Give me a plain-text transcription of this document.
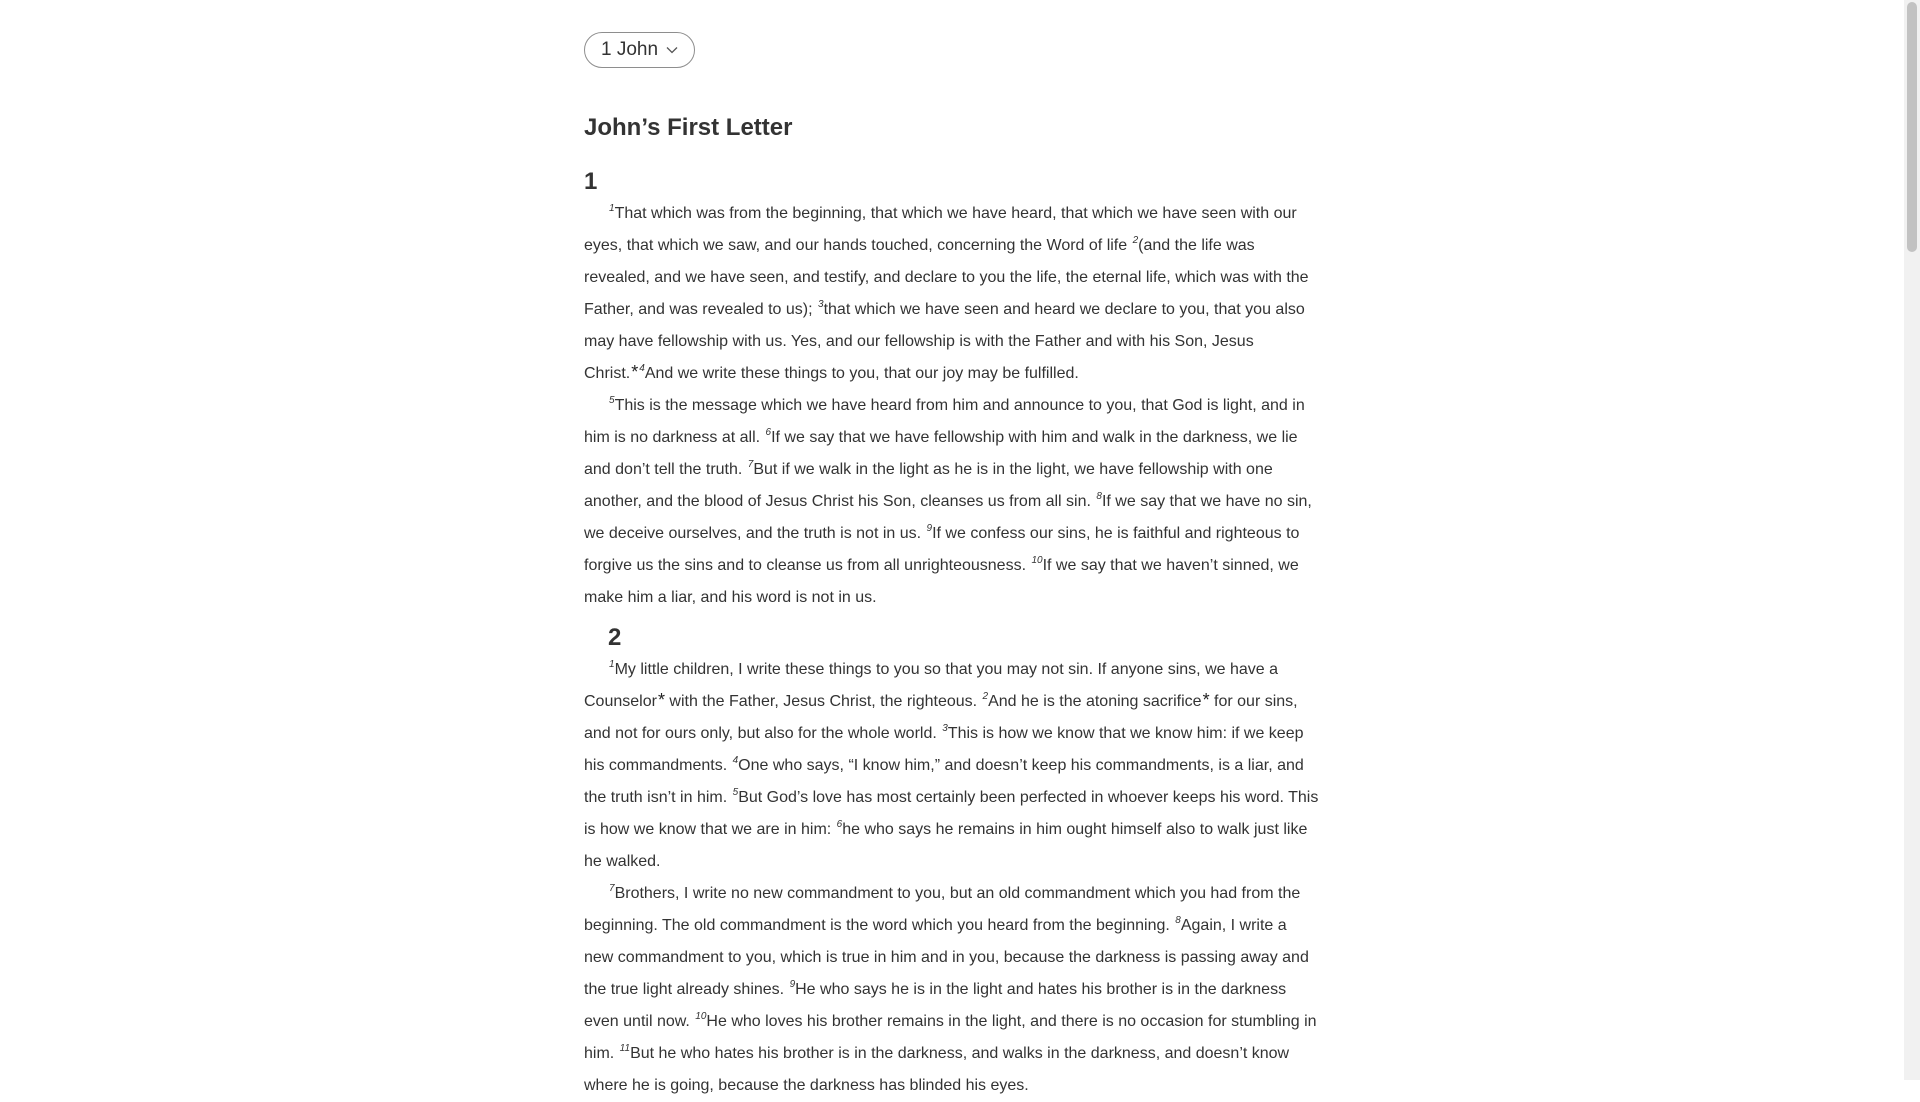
1 John
John’s First Letter
1

$^1$That which was from the beginning, that which we have heard, that which we have seen with our eyes, that which we saw, and our hands touched, concerning the Word of life $^2$(and the life was revealed, and we have seen, and testify, and declare to you the life, the eternal life, which was with the Father, and was revealed to us); $^3$that which we have seen and heard we declare to you, that you also may have fellowship with us. Yes, and our fellowship is with the Father and with his Son, Jesus Christ.*$^4$And we write these things to you, that our joy may be fulfilled.

$^5$This is the message which we have heard from him and announce to you, that God is light, and in him is no darkness at all. $^6$If we say that we have fellowship with him and walk in the darkness, we lie and don’t tell the truth. $^7$But if we walk in the light as he is in the light, we have fellowship with one another, and the blood of Jesus Christ his Son, cleanses us from all sin. $^8$If we say that we have no sin, we deceive ourselves, and the truth is not in us. $^9$If we confess our sins, he is faithful and righteous to forgive us the sins and to cleanse us from all unrighteousness. $^{10}$If we say that we haven’t sinned, we make him a liar, and his word is not in us.

2

$^1$My little children, I write these things to you so that you may not sin. If anyone sins, we have a Counselor* with the Father, Jesus Christ, the righteous. $^2$And he is the atoning sacrifice* for our sins, and not for ours only, but also for the whole world. $^3$This is how we know that we know him: if we keep his commandments. $^4$One who says, “I know him,” and doesn’t keep his commandments, is a liar, and the truth isn’t in him. $^5$But God’s love has most certainly been perfected in whoever keeps his word. This is how we know that we are in him: $^6$he who says he remains in him ought himself also to walk just like he walked.

$^7$Brothers, I write no new commandment to you, but an old commandment which you had from the beginning. The old commandment is the word which you heard from the beginning. $^8$Again, I write a new commandment to you, which is true in him and in you, because the darkness is passing away and the true light already shines. $^9$He who says he is in the light and hates his brother is in the darkness even until now. $^{10}$He who loves his brother remains in the light, and there is no occasion for stumbling in him. $^{11}$But he who hates his brother is in the darkness, and walks in the darkness, and doesn’t know where he is going, because the darkness has blinded his eyes.
